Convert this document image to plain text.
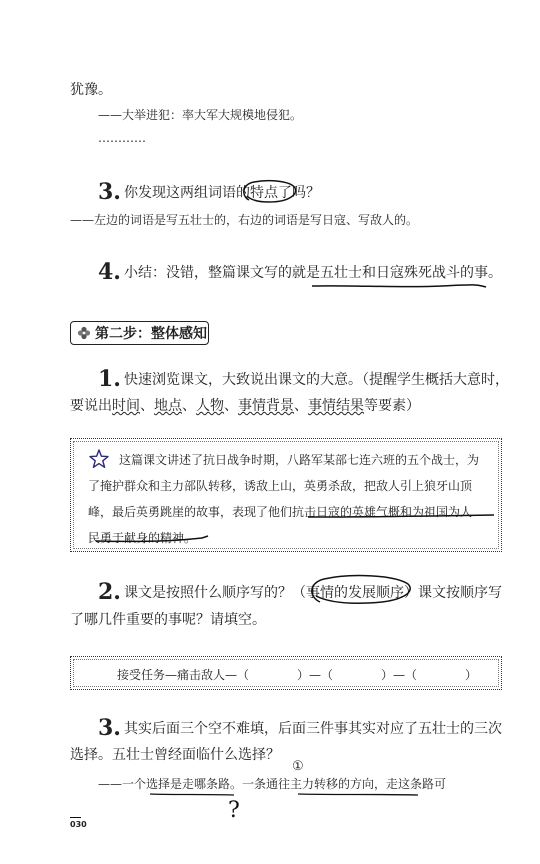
犹豫。
——大举进犯：率大军大规模地侵犯。
…………
3. 你发现这两组词语的特点了吗？
——左边的词语是写五壮士的，右边的词语是写日寇、写敌人的。
4. 小结：没错，整篇课文写的就是五壮士和日寇殊死战斗的事。
第二步：整体感知
1. 快速浏览课文，大致说出课文的大意。（提醒学生概括大意时，
要说出时间、地点、人物、事情背景、事情结果等要素）
这篇课文讲述了抗日战争时期，八路军某部七连六班的五个战士，为
了掩护群众和主力部队转移，诱敌上山，英勇杀敌，把敌人引上狼牙山顶
峰，最后英勇跳崖的故事，表现了他们抗击日寇的英雄气概和为祖国为人
民勇于献身的精神。
2. 课文是按照什么顺序写的？（事情的发展顺序）课文按顺序写
了哪几件重要的事呢？请填空。
接受任务—痛击敌人—（　　　　）—（　　　　）—（　　　　）
3. 其实后面三个空不难填，后面三件事其实对应了五壮士的三次
选择。五壮士曾经面临什么选择？
①
——一个选择是走哪条路。一条通往主力转移的方向，走这条路可
?
030
